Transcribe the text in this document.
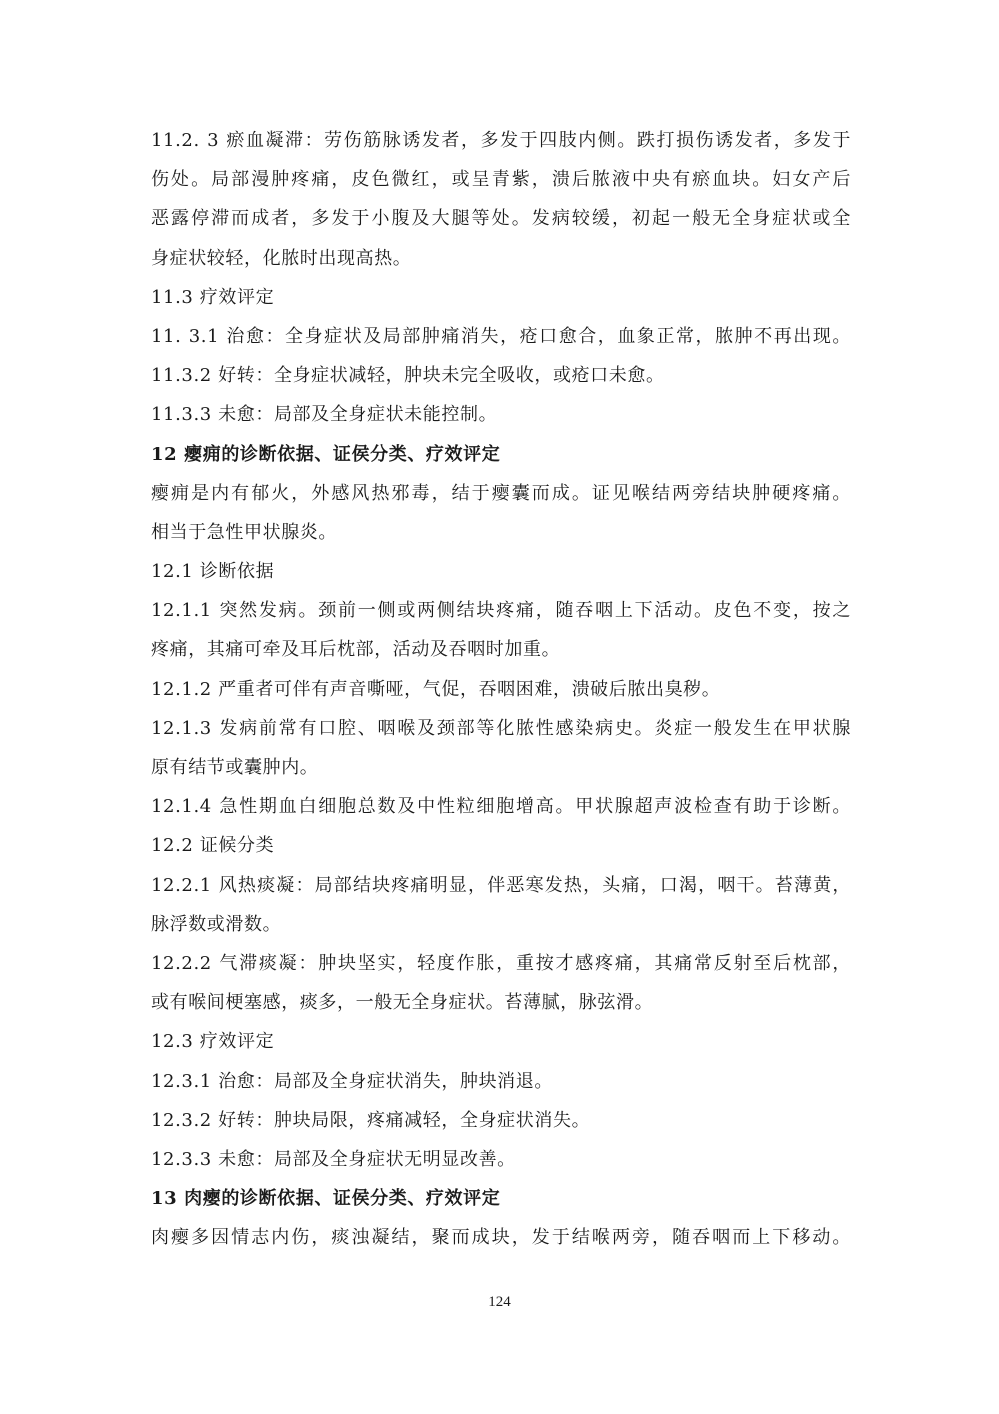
11.2. 3 瘀血凝滞：劳伤筋脉诱发者，多发于四肢内侧。跌打损伤诱发者，多发于
伤处。局部漫肿疼痛，皮色微红，或呈青紫，溃后脓液中央有瘀血块。妇女产后
恶露停滞而成者，多发于小腹及大腿等处。发病较缓，初起一般无全身症状或全
身症状较轻，化脓时出现高热。
11.3 疗效评定
11. 3.1 治愈：全身症状及局部肿痛消失，疮口愈合，血象正常，脓肿不再出现。
11.3.2 好转：全身症状减轻，肿块未完全吸收，或疮口未愈。
11.3.3 未愈：局部及全身症状未能控制。
12 瘿痈的诊断依据、证侯分类、疗效评定
瘿痈是内有郁火，外感风热邪毒，结于瘿囊而成。证见喉结两旁结块肿硬疼痛。
相当于急性甲状腺炎。
12.1 诊断依据
12.1.1 突然发病。颈前一侧或两侧结块疼痛，随吞咽上下活动。皮色不变，按之
疼痛，其痛可牵及耳后枕部，活动及吞咽时加重。
12.1.2 严重者可伴有声音嘶哑，气促，吞咽困难，溃破后脓出臭秽。
12.1.3 发病前常有口腔、咽喉及颈部等化脓性感染病史。炎症一般发生在甲状腺
原有结节或囊肿内。
12.1.4 急性期血白细胞总数及中性粒细胞增高。甲状腺超声波检查有助于诊断。
12.2 证候分类
12.2.1 风热痰凝：局部结块疼痛明显，伴恶寒发热，头痛，口渴，咽干。苔薄黄，
脉浮数或滑数。
12.2.2 气滞痰凝：肿块坚实，轻度作胀，重按才感疼痛，其痛常反射至后枕部，
或有喉间梗塞感，痰多，一般无全身症状。苔薄腻，脉弦滑。
12.3 疗效评定
12.3.1 治愈：局部及全身症状消失，肿块消退。
12.3.2 好转：肿块局限，疼痛减轻，全身症状消失。
12.3.3 未愈：局部及全身症状无明显改善。
13 肉瘿的诊断依据、证侯分类、疗效评定
肉瘿多因情志内伤，痰浊凝结，聚而成块，发于结喉两旁，随吞咽而上下移动。
124
